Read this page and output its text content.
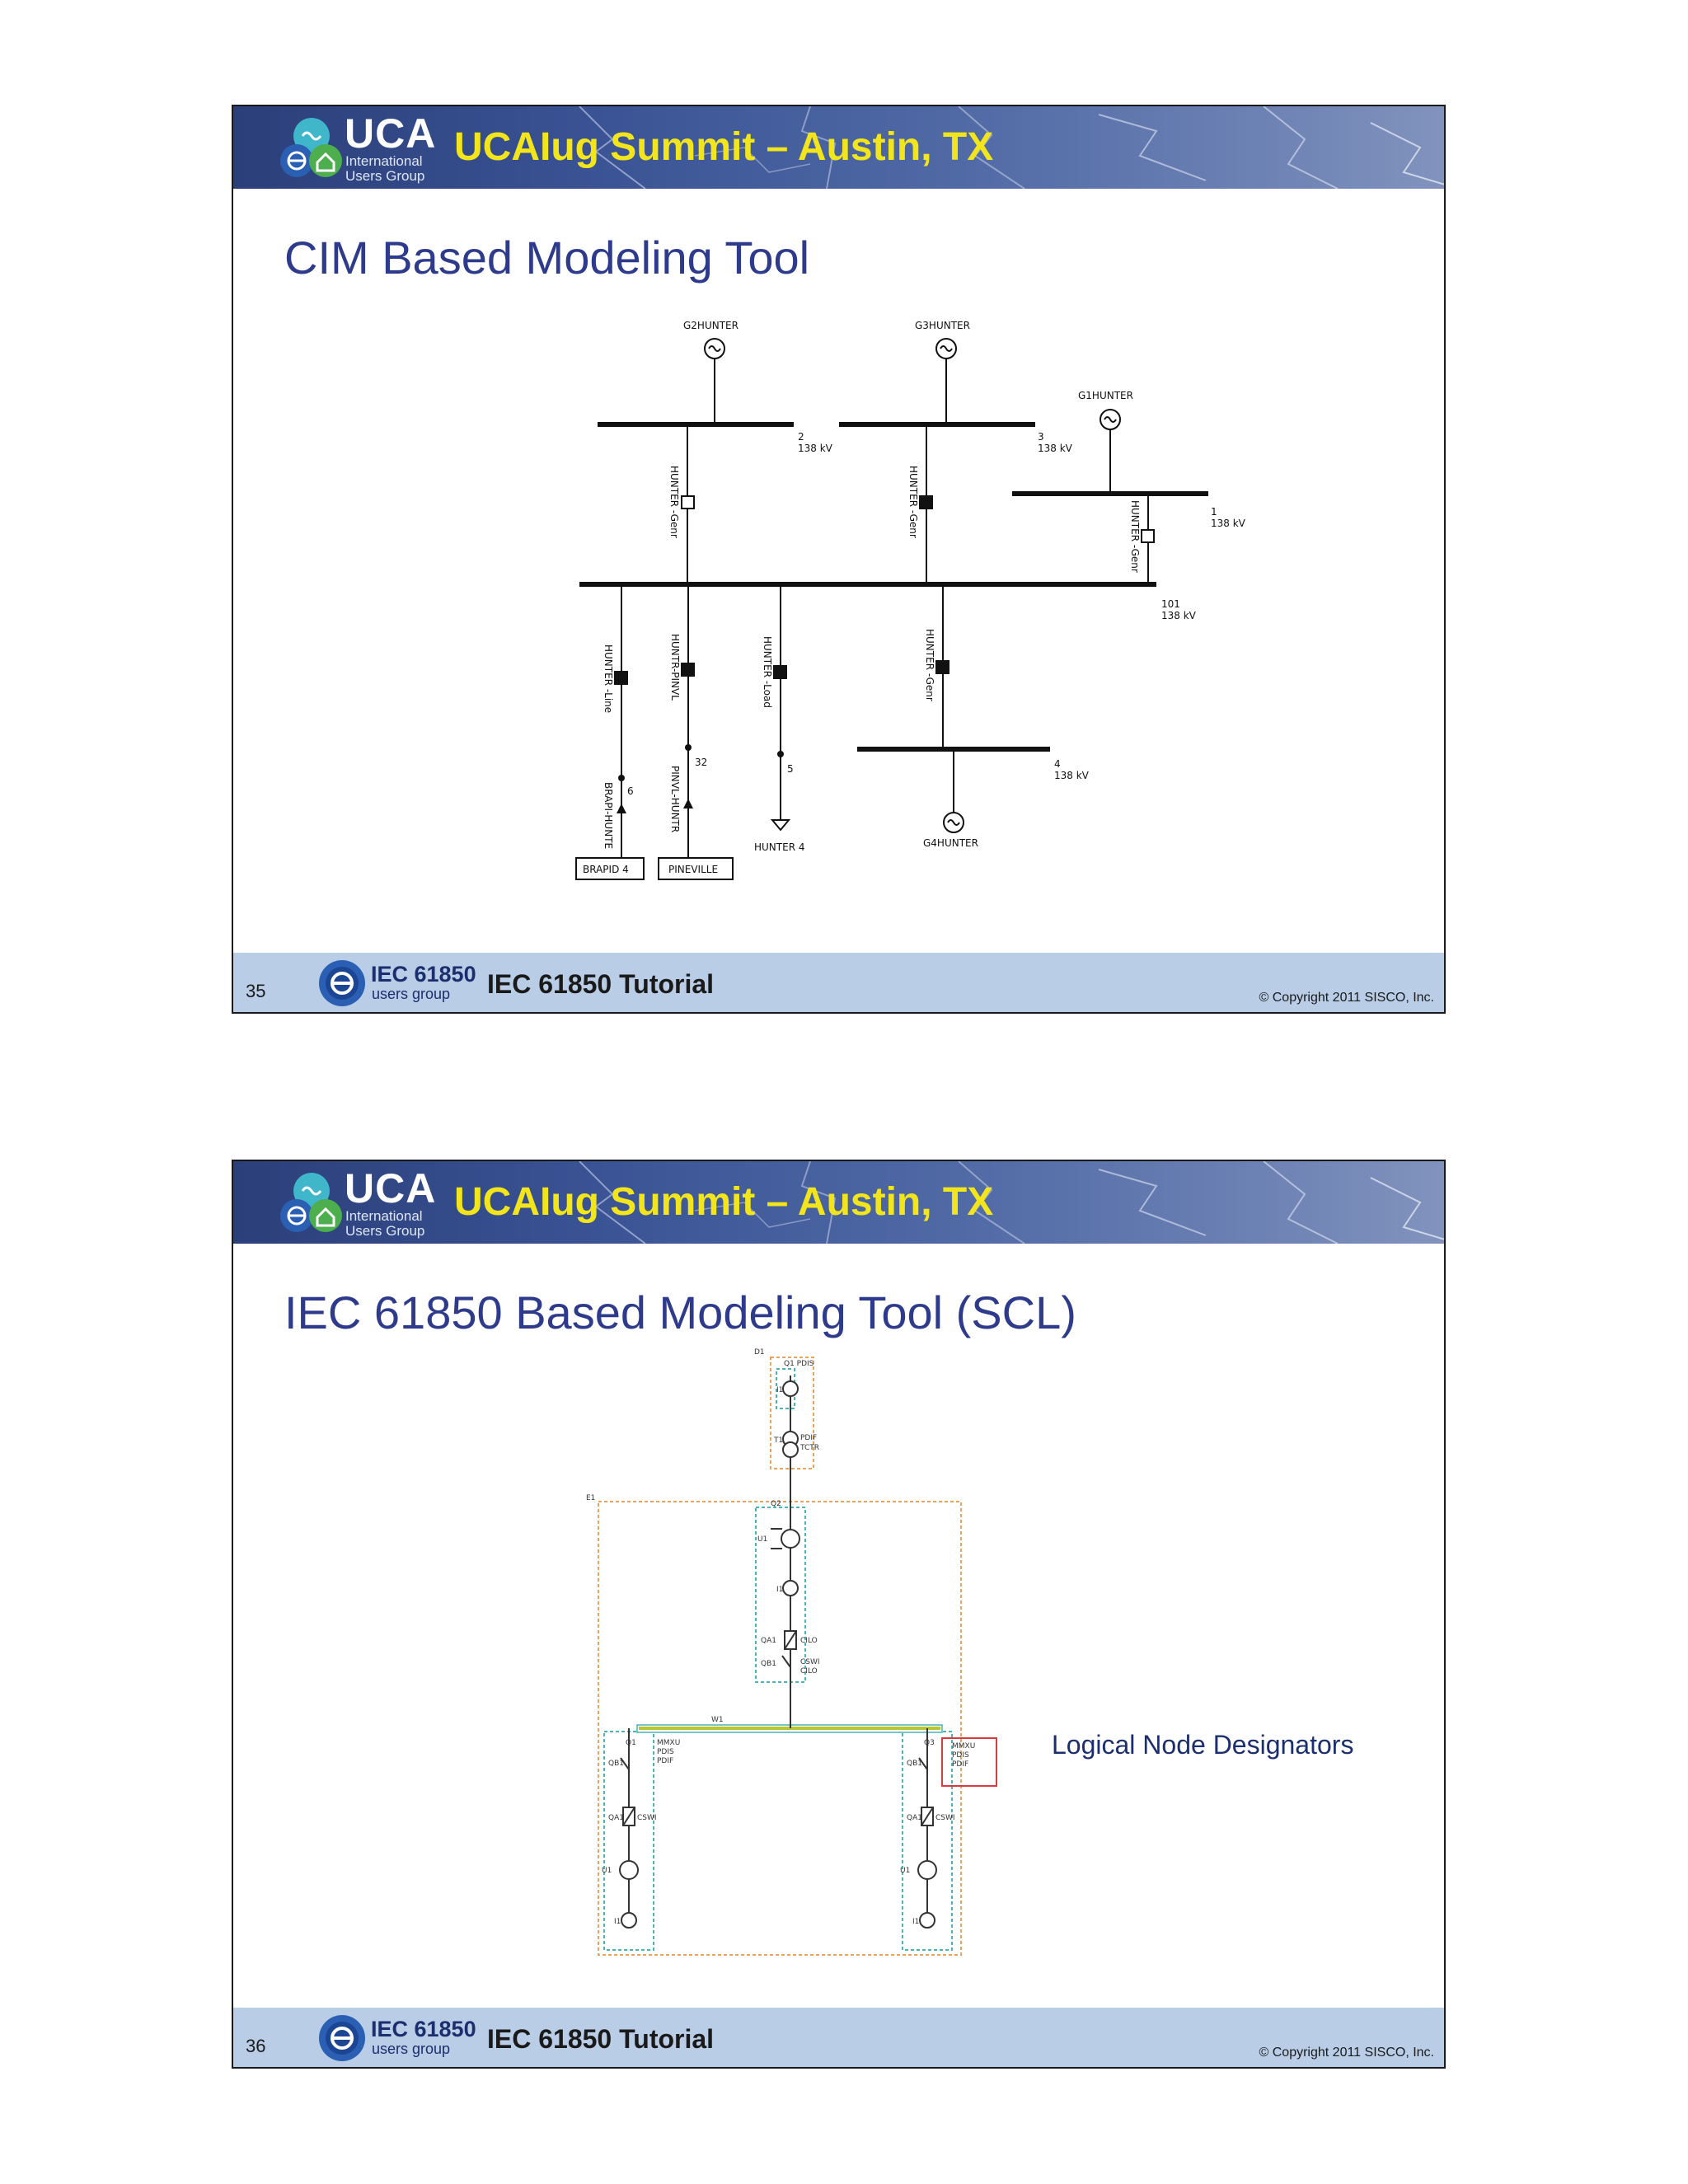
UCA
International
Users Group
UCAIug Summit – Austin, TX
CIM Based Modeling Tool
G2HUNTER	G3HUNTER
G1HUNTER
G4HUNTER
2
138 kV
3
138 kV
1
138 kV
101
138 kV
4
138 kV
6
32
5
HUNTER 4
BRAPID 4	PINEVILLE
HUNTER -Genr	HUNTER -Genr	HUNTER -Genr
HUNTER -Line	HUNTR-PINVL	HUNTER -Load	HUNTER -Genr
BRAPI-HUNTE	PINVL-HUNTR
35
IEC 61850
users group IEC 61850 Tutorial	© Copyright 2011 SISCO, Inc.
UCA
International
Users Group
UCAIug Summit – Austin, TX
IEC 61850 Based Modeling Tool (SCL)
D1
Q1 PDIS
I1
T1 PDIF
TCTR
E1
Q2
U1
I1
QA1	CILO
QB1	CSWI
CILO
W1
Q1	MMXU
PDIS
PDIF
QB1
QA1 CSWI
U1
I1
Q3 MMXU
PDIS
PDIF
QB1
QA1 CSWI
U1
I1
Logical Node Designators
36
IEC 61850
users group IEC 61850 Tutorial	© Copyright 2011 SISCO, Inc.
